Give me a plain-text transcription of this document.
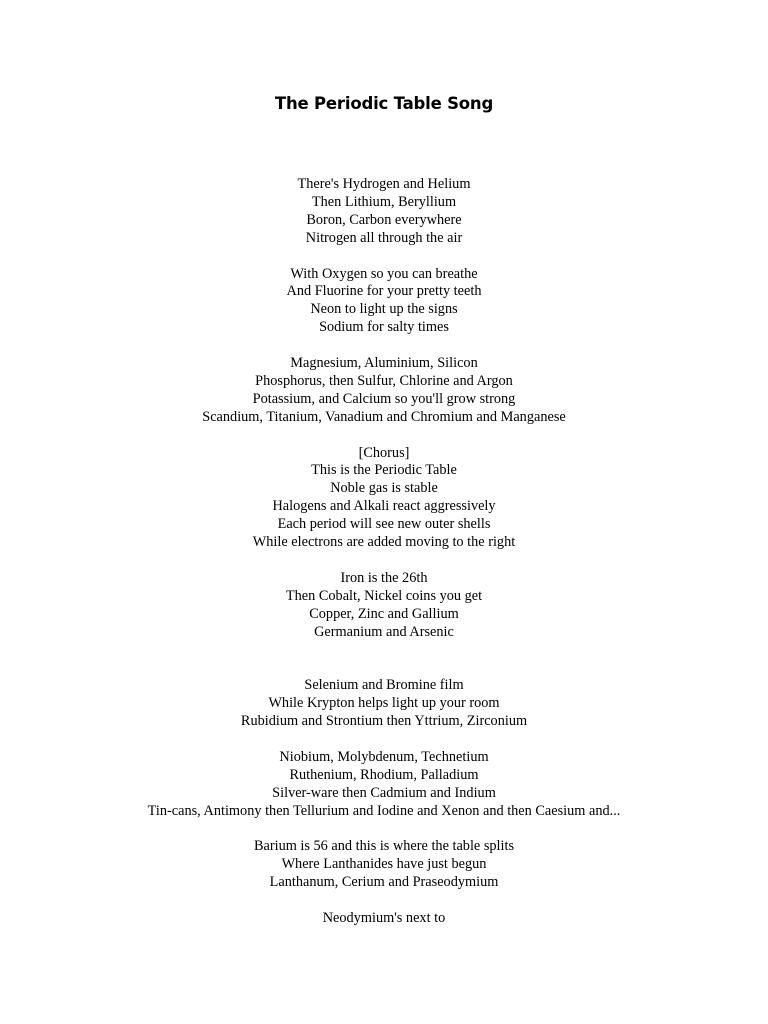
The Periodic Table Song
There's Hydrogen and Helium
Then Lithium, Beryllium
Boron, Carbon everywhere
Nitrogen all through the air
With Oxygen so you can breathe
And Fluorine for your pretty teeth
Neon to light up the signs
Sodium for salty times
Magnesium, Aluminium, Silicon
Phosphorus, then Sulfur, Chlorine and Argon
Potassium, and Calcium so you'll grow strong
Scandium, Titanium, Vanadium and Chromium and Manganese
[Chorus]
This is the Periodic Table
Noble gas is stable
Halogens and Alkali react aggressively
Each period will see new outer shells
While electrons are added moving to the right
Iron is the 26th
Then Cobalt, Nickel coins you get
Copper, Zinc and Gallium
Germanium and Arsenic
Selenium and Bromine film
While Krypton helps light up your room
Rubidium and Strontium then Yttrium, Zirconium
Niobium, Molybdenum, Technetium
Ruthenium, Rhodium, Palladium
Silver-ware then Cadmium and Indium
Tin-cans, Antimony then Tellurium and Iodine and Xenon and then Caesium and...
Barium is 56 and this is where the table splits
Where Lanthanides have just begun
Lanthanum, Cerium and Praseodymium
Neodymium's next to
